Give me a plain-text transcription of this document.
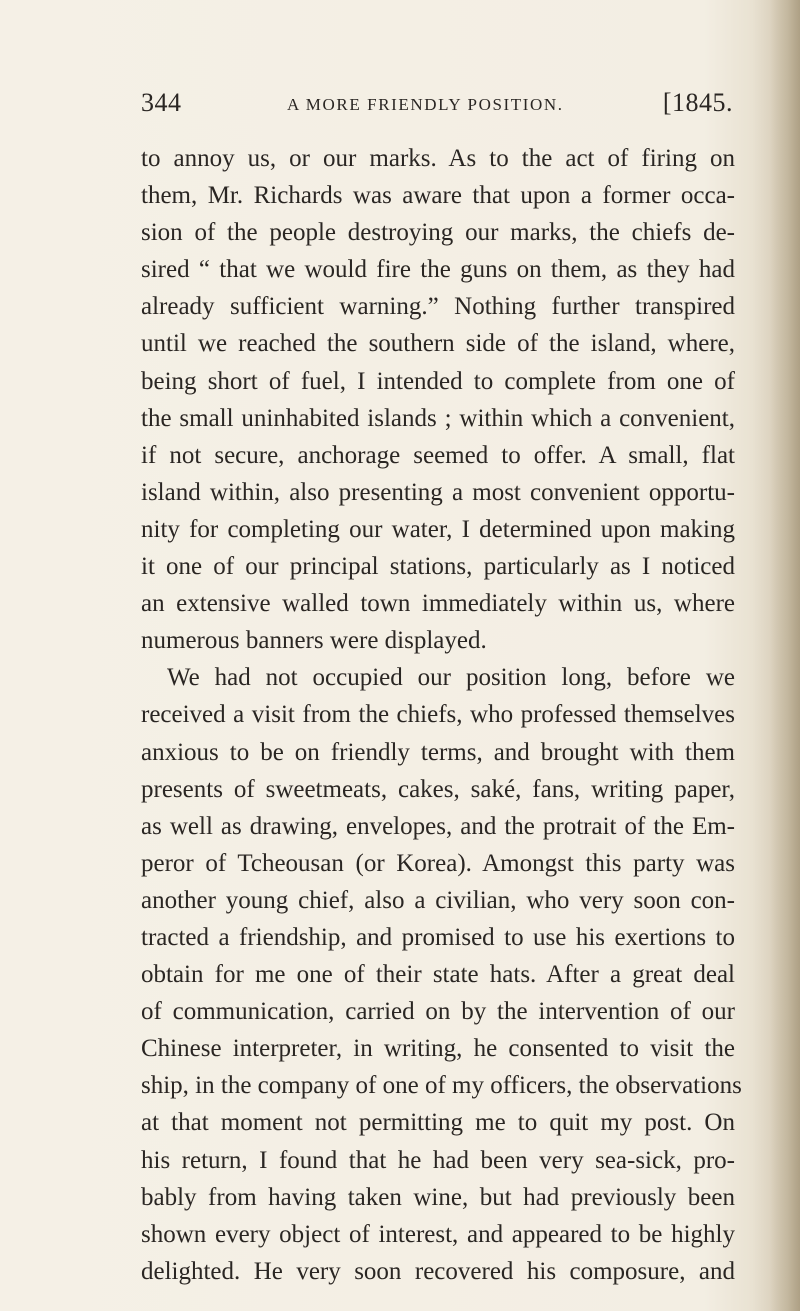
344	A MORE FRIENDLY POSITION.	[1845.
to annoy us, or our marks. As to the act of firing on
them, Mr. Richards was aware that upon a former occa-
sion of the people destroying our marks, the chiefs de-
sired “ that we would fire the guns on them, as they had
already sufficient warning.” Nothing further transpired
until we reached the southern side of the island, where,
being short of fuel, I intended to complete from one of
the small uninhabited islands ; within which a convenient,
if not secure, anchorage seemed to offer. A small, flat
island within, also presenting a most convenient opportu-
nity for completing our water, I determined upon making
it one of our principal stations, particularly as I noticed
an extensive walled town immediately within us, where
numerous banners were displayed.
We had not occupied our position long, before we
received a visit from the chiefs, who professed themselves
anxious to be on friendly terms, and brought with them
presents of sweetmeats, cakes, saké, fans, writing paper,
as well as drawing, envelopes, and the protrait of the Em-
peror of Tcheousan (or Korea). Amongst this party was
another young chief, also a civilian, who very soon con-
tracted a friendship, and promised to use his exertions to
obtain for me one of their state hats. After a great deal
of communication, carried on by the intervention of our
Chinese interpreter, in writing, he consented to visit the
ship, in the company of one of my officers, the observations
at that moment not permitting me to quit my post. On
his return, I found that he had been very sea-sick, pro-
bably from having taken wine, but had previously been
shown every object of interest, and appeared to be highly
delighted. He very soon recovered his composure, and
